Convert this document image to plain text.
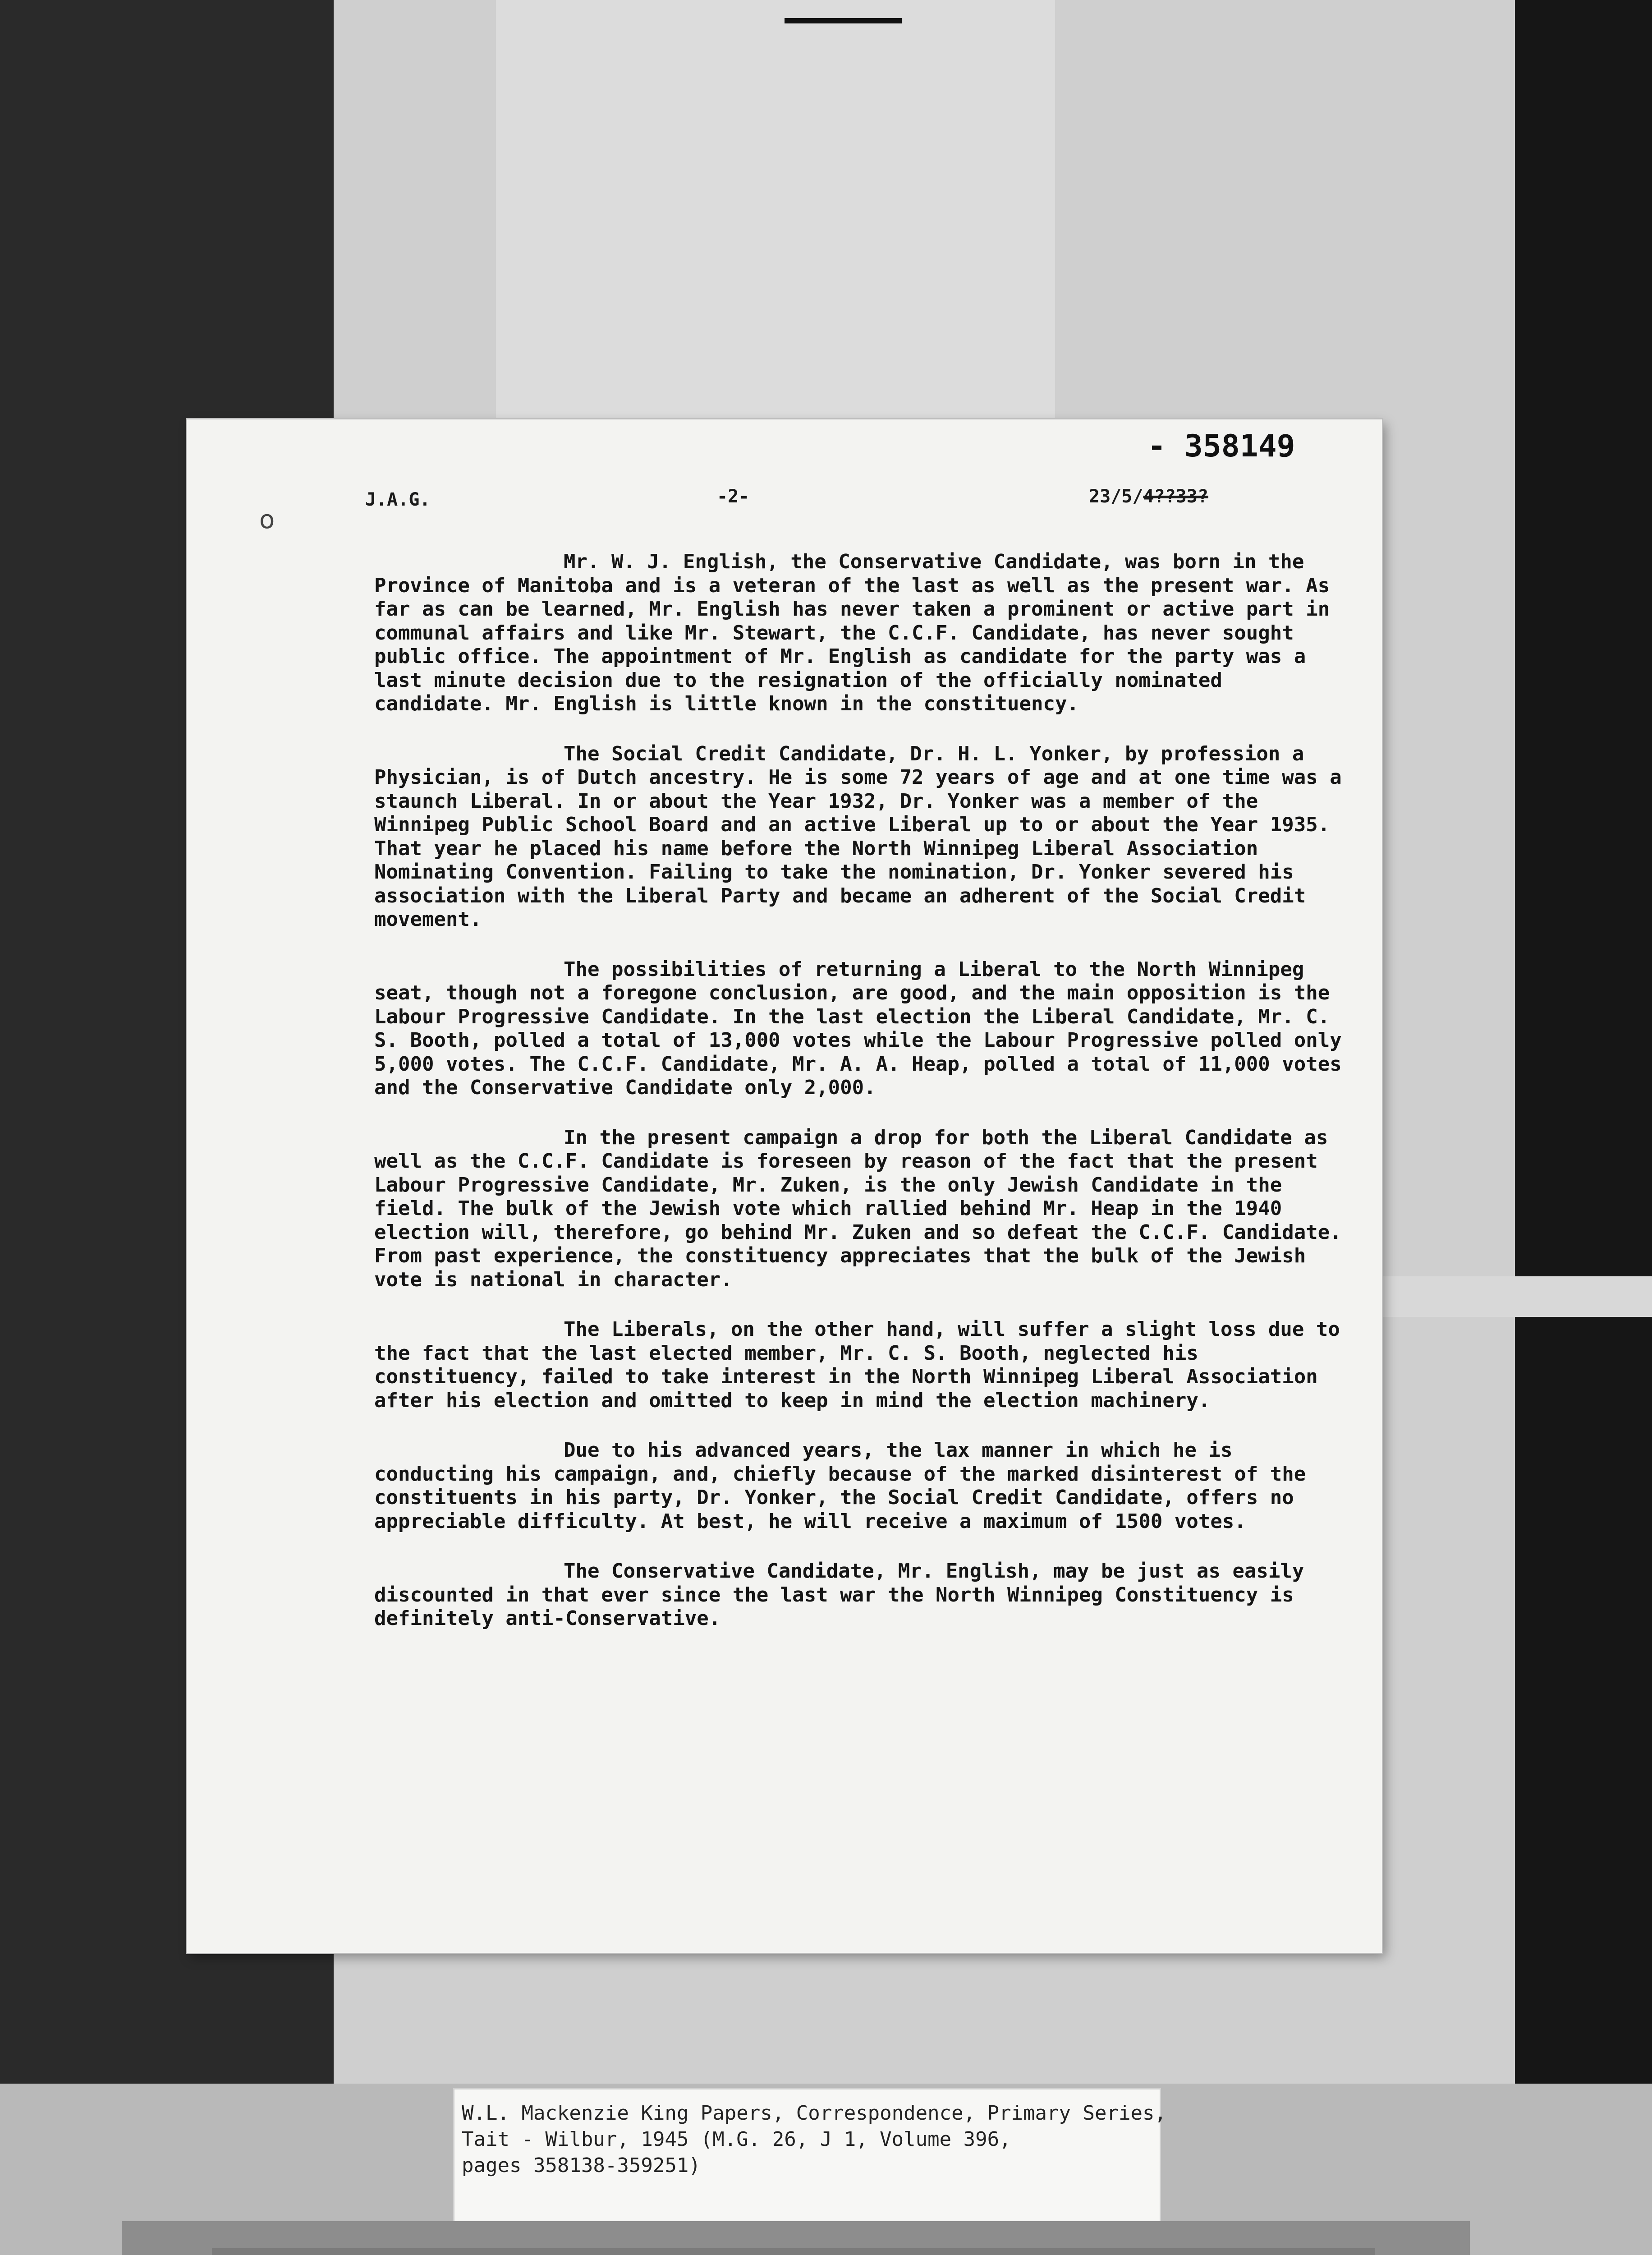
o
- 358149
J.A.G.	-2-	23/5/4??33?

Mr. W. J. English, the Conservative Candidate, was born in the Province of Manitoba and is a veteran of the last as well as the present war. As far as can be learned, Mr. English has never taken a prominent or active part in communal affairs and like Mr. Stewart, the C.C.F. Candidate, has never sought public office. The appointment of Mr. English as candidate for the party was a last minute decision due to the resignation of the officially nominated candidate. Mr. English is little known in the constituency.

The Social Credit Candidate, Dr. H. L. Yonker, by profession a Physician, is of Dutch ancestry. He is some 72 years of age and at one time was a staunch Liberal. In or about the Year 1932, Dr. Yonker was a member of the Winnipeg Public School Board and an active Liberal up to or about the Year 1935. That year he placed his name before the North Winnipeg Liberal Association Nominating Convention. Failing to take the nomination, Dr. Yonker severed his association with the Liberal Party and became an adherent of the Social Credit movement.

The possibilities of returning a Liberal to the North Winnipeg seat, though not a foregone conclusion, are good, and the main opposition is the Labour Progressive Candidate. In the last election the Liberal Candidate, Mr. C. S. Booth, polled a total of 13,000 votes while the Labour Progressive polled only 5,000 votes. The C.C.F. Candidate, Mr. A. A. Heap, polled a total of 11,000 votes and the Conservative Candidate only 2,000.

In the present campaign a drop for both the Liberal Candidate as well as the C.C.F. Candidate is foreseen by reason of the fact that the present Labour Progressive Candidate, Mr. Zuken, is the only Jewish Candidate in the field. The bulk of the Jewish vote which rallied behind Mr. Heap in the 1940 election will, therefore, go behind Mr. Zuken and so defeat the C.C.F. Candidate. From past experience, the constituency appreciates that the bulk of the Jewish vote is national in character.

The Liberals, on the other hand, will suffer a slight loss due to the fact that the last elected member, Mr. C. S. Booth, neglected his constituency, failed to take interest in the North Winnipeg Liberal Association after his election and omitted to keep in mind the election machinery.

Due to his advanced years, the lax manner in which he is conducting his campaign, and, chiefly because of the marked disinterest of the constituents in his party, Dr. Yonker, the Social Credit Candidate, offers no appreciable difficulty. At best, he will receive a maximum of 1500 votes.

The Conservative Candidate, Mr. English, may be just as easily discounted in that ever since the last war the North Winnipeg Constituency is definitely anti-Conservative.

W.L. Mackenzie King Papers, Correspondence, Primary Series,
Tait - Wilbur, 1945 (M.G. 26, J 1, Volume 396,
pages 358138-359251)
